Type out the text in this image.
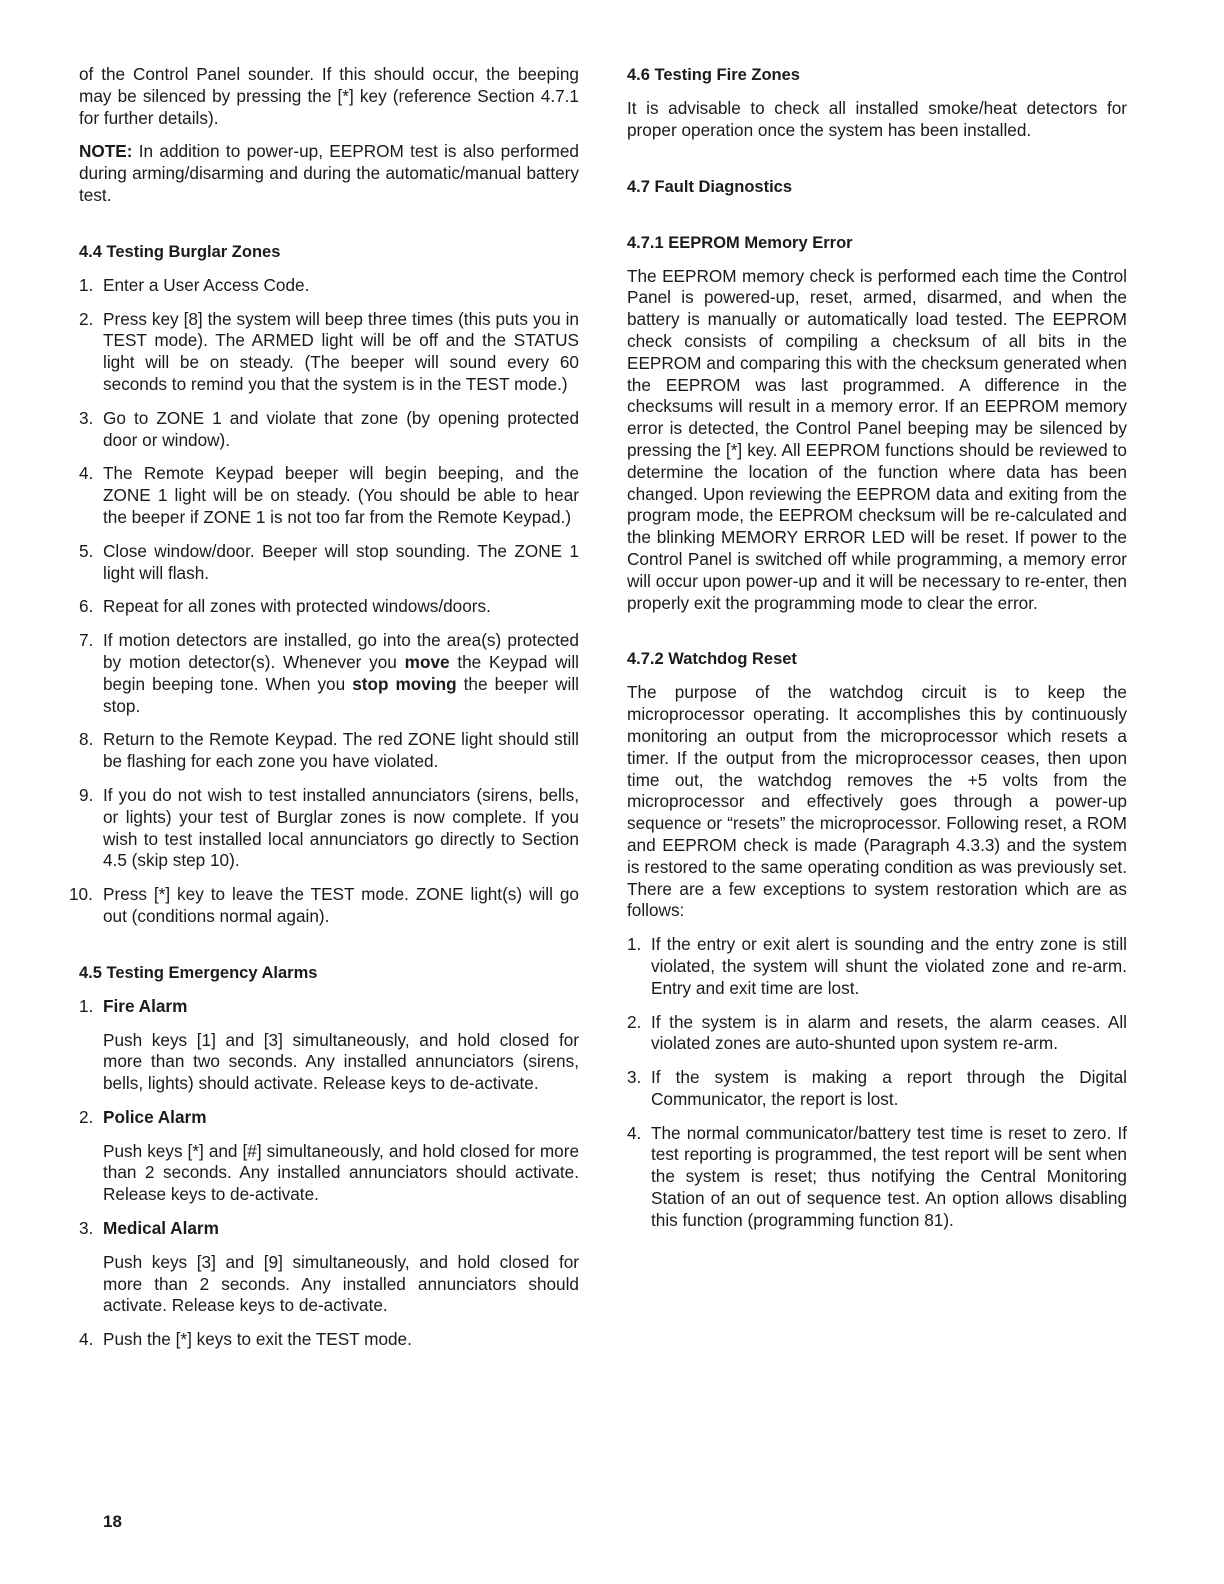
of the Control Panel sounder. If this should occur, the beeping may be silenced by pressing the [*] key (reference Section 4.7.1 for further details).

NOTE: In addition to power-up, EEPROM test is also performed during arming/disarming and during the automatic/manual battery test.

4.4 Testing Burglar Zones
1. Enter a User Access Code.
2. Press key [8] the system will beep three times (this puts you in TEST mode). The ARMED light will be off and the STATUS light will be on steady. (The beeper will sound every 60 seconds to remind you that the system is in the TEST mode.)
3. Go to ZONE 1 and violate that zone (by opening protected door or window).
4. The Remote Keypad beeper will begin beeping, and the ZONE 1 light will be on steady. (You should be able to hear the beeper if ZONE 1 is not too far from the Remote Keypad.)
5. Close window/door. Beeper will stop sounding. The ZONE 1 light will flash.
6. Repeat for all zones with protected windows/doors.
7. If motion detectors are installed, go into the area(s) protected by motion detector(s). Whenever you move the Keypad will begin beeping tone. When you stop moving the beeper will stop.
8. Return to the Remote Keypad. The red ZONE light should still be flashing for each zone you have violated.
9. If you do not wish to test installed annunciators (sirens, bells, or lights) your test of Burglar zones is now complete. If you wish to test installed local annunciators go directly to Section 4.5 (skip step 10).
10. Press [*] key to leave the TEST mode. ZONE light(s) will go out (conditions normal again).
4.5 Testing Emergency Alarms
1. Fire Alarm
Push keys [1] and [3] simultaneously, and hold closed for more than two seconds. Any installed annunciators (sirens, bells, lights) should activate. Release keys to de-activate.
2. Police Alarm
Push keys [*] and [#] simultaneously, and hold closed for more than 2 seconds. Any installed annunciators should activate. Release keys to de-activate.
3. Medical Alarm
Push keys [3] and [9] simultaneously, and hold closed for more than 2 seconds. Any installed annunciators should activate. Release keys to de-activate.
4. Push the [*] keys to exit the TEST mode.
4.6 Testing Fire Zones

It is advisable to check all installed smoke/heat detectors for proper operation once the system has been installed.

4.7 Fault Diagnostics
4.7.1 EEPROM Memory Error

The EEPROM memory check is performed each time the Control Panel is powered-up, reset, armed, disarmed, and when the battery is manually or automatically load tested. The EEPROM check consists of compiling a checksum of all bits in the EEPROM and comparing this with the checksum generated when the EEPROM was last programmed. A difference in the checksums will result in a memory error. If an EEPROM memory error is detected, the Control Panel beeping may be silenced by pressing the [*] key. All EEPROM functions should be reviewed to determine the location of the function where data has been changed. Upon reviewing the EEPROM data and exiting from the program mode, the EEPROM checksum will be re-calculated and the blinking MEMORY ERROR LED will be reset. If power to the Control Panel is switched off while programming, a memory error will occur upon power-up and it will be necessary to re-enter, then properly exit the programming mode to clear the error.

4.7.2 Watchdog Reset

The purpose of the watchdog circuit is to keep the microprocessor operating. It accomplishes this by continuously monitoring an output from the microprocessor which resets a timer. If the output from the microprocessor ceases, then upon time out, the watchdog removes the +5 volts from the microprocessor and effectively goes through a power-up sequence or “resets” the microprocessor. Following reset, a ROM and EEPROM check is made (Paragraph 4.3.3) and the system is restored to the same operating condition as was previously set. There are a few exceptions to system restoration which are as follows:

1. If the entry or exit alert is sounding and the entry zone is still violated, the system will shunt the violated zone and re-arm. Entry and exit time are lost.
2. If the system is in alarm and resets, the alarm ceases. All violated zones are auto-shunted upon system re-arm.
3. If the system is making a report through the Digital Communicator, the report is lost.
4. The normal communicator/battery test time is reset to zero. If test reporting is programmed, the test report will be sent when the system is reset; thus notifying the Central Monitoring Station of an out of sequence test. An option allows disabling this function (programming function 81).
18
